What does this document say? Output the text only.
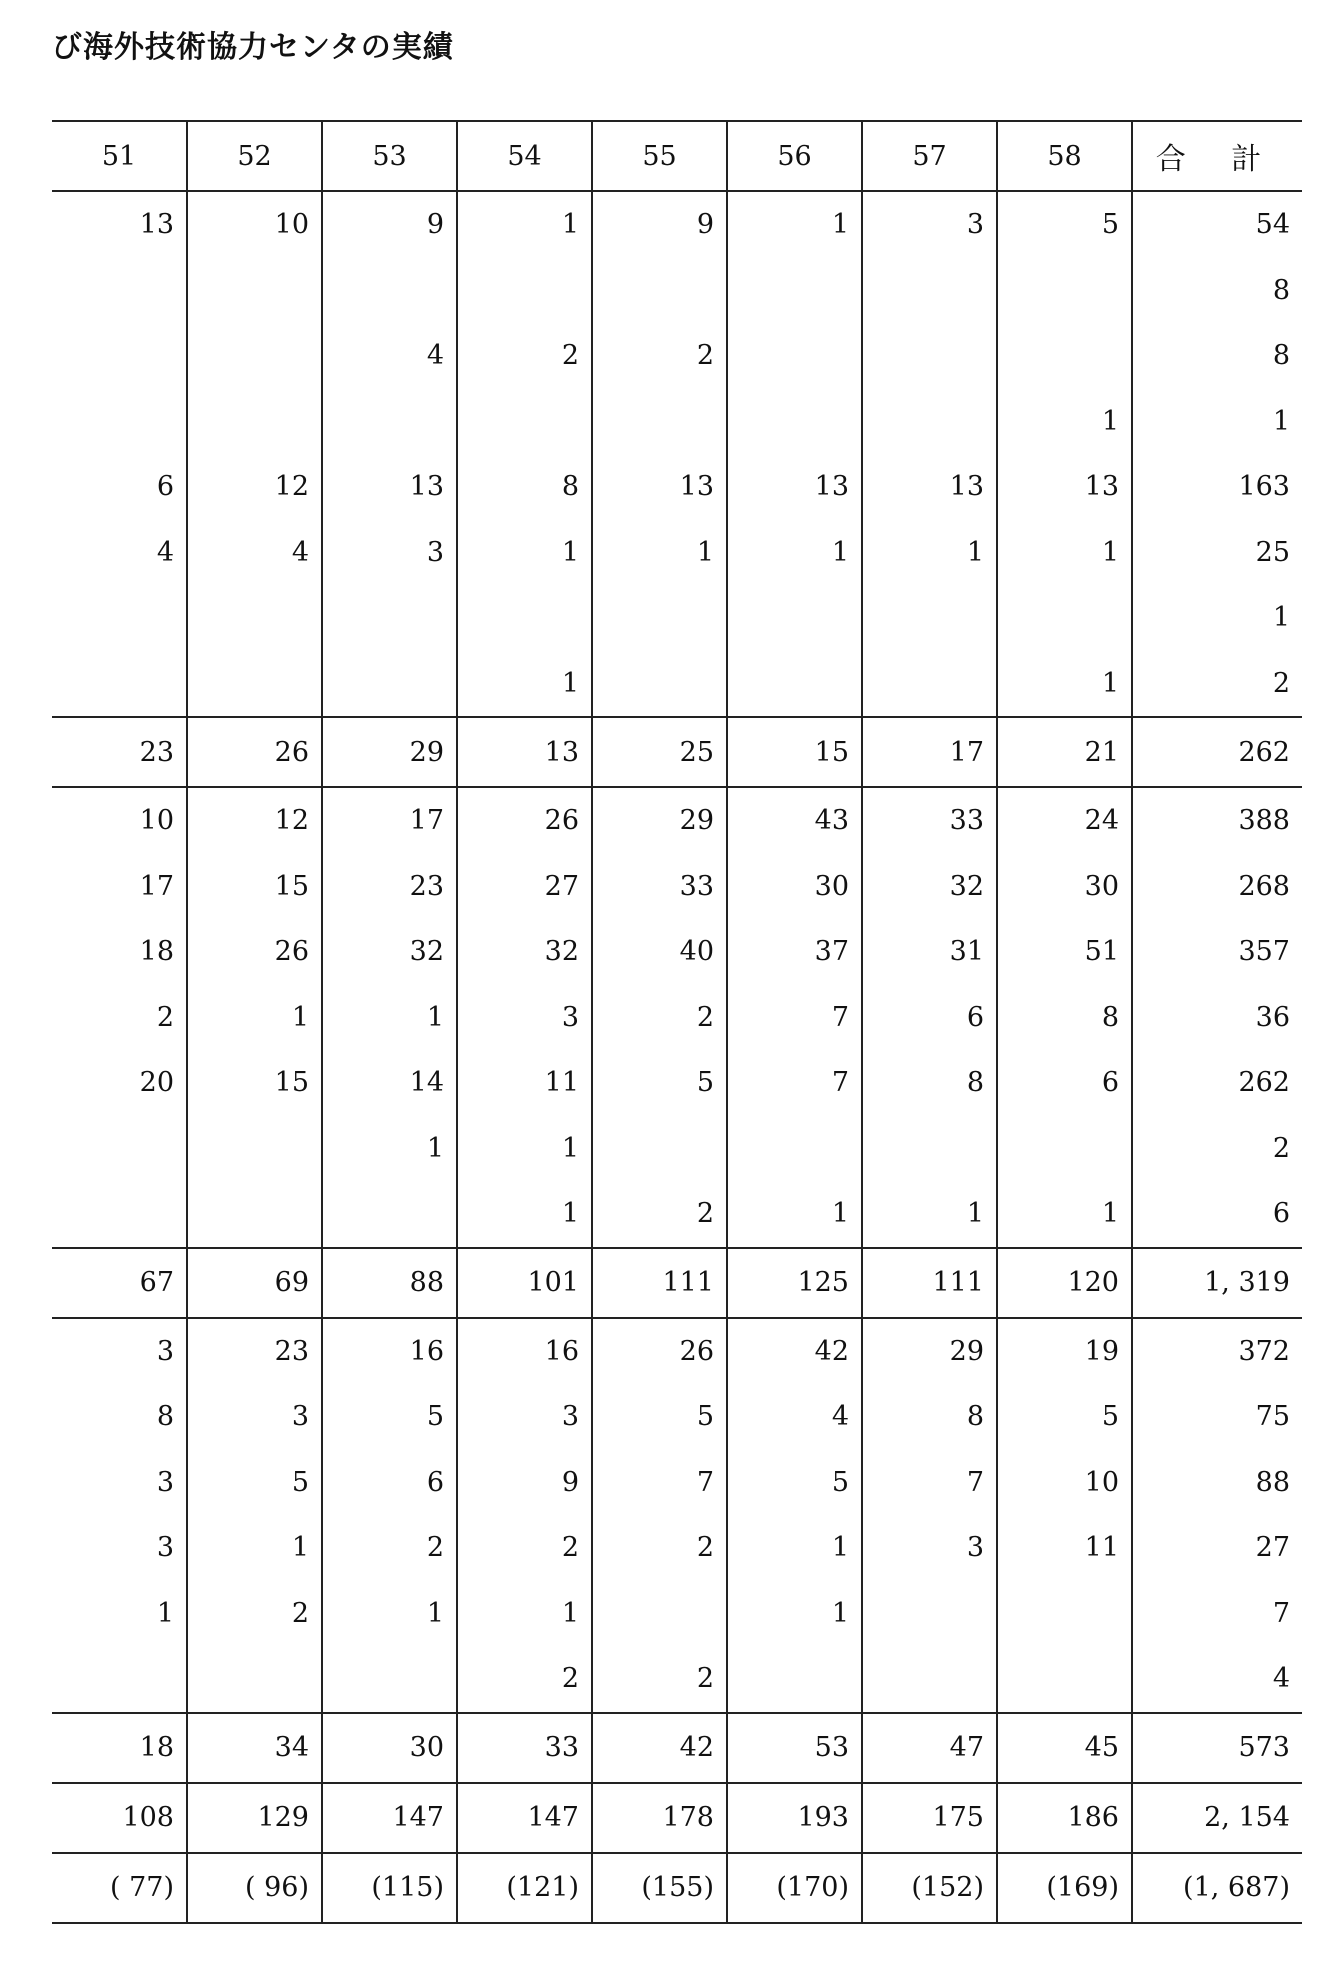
び海外技術協力センタの実績
51	52	53	54	55	56	57	58	合 計
13	10	9	1	9	1	3	5	54
								8
		4	2	2				8
							1	1
6	12	13	8	13	13	13	13	163
4	4	3	1	1	1	1	1	25
								1
			1				1	2
23	26	29	13	25	15	17	21	262
10	12	17	26	29	43	33	24	388
17	15	23	27	33	30	32	30	268
18	26	32	32	40	37	31	51	357
2	1	1	3	2	7	6	8	36
20	15	14	11	5	7	8	6	262
		1	1					2
			1	2	1	1	1	6
67	69	88	101	111	125	111	120	1, 319
3	23	16	16	26	42	29	19	372
8	3	5	3	5	4	8	5	75
3	5	6	9	7	5	7	10	88
3	1	2	2	2	1	3	11	27
1	2	1	1		1			7
			2	2				4
18	34	30	33	42	53	47	45	573
108	129	147	147	178	193	175	186	2, 154
( 77)	( 96)	(115)	(121)	(155)	(170)	(152)	(169)	(1, 687)
